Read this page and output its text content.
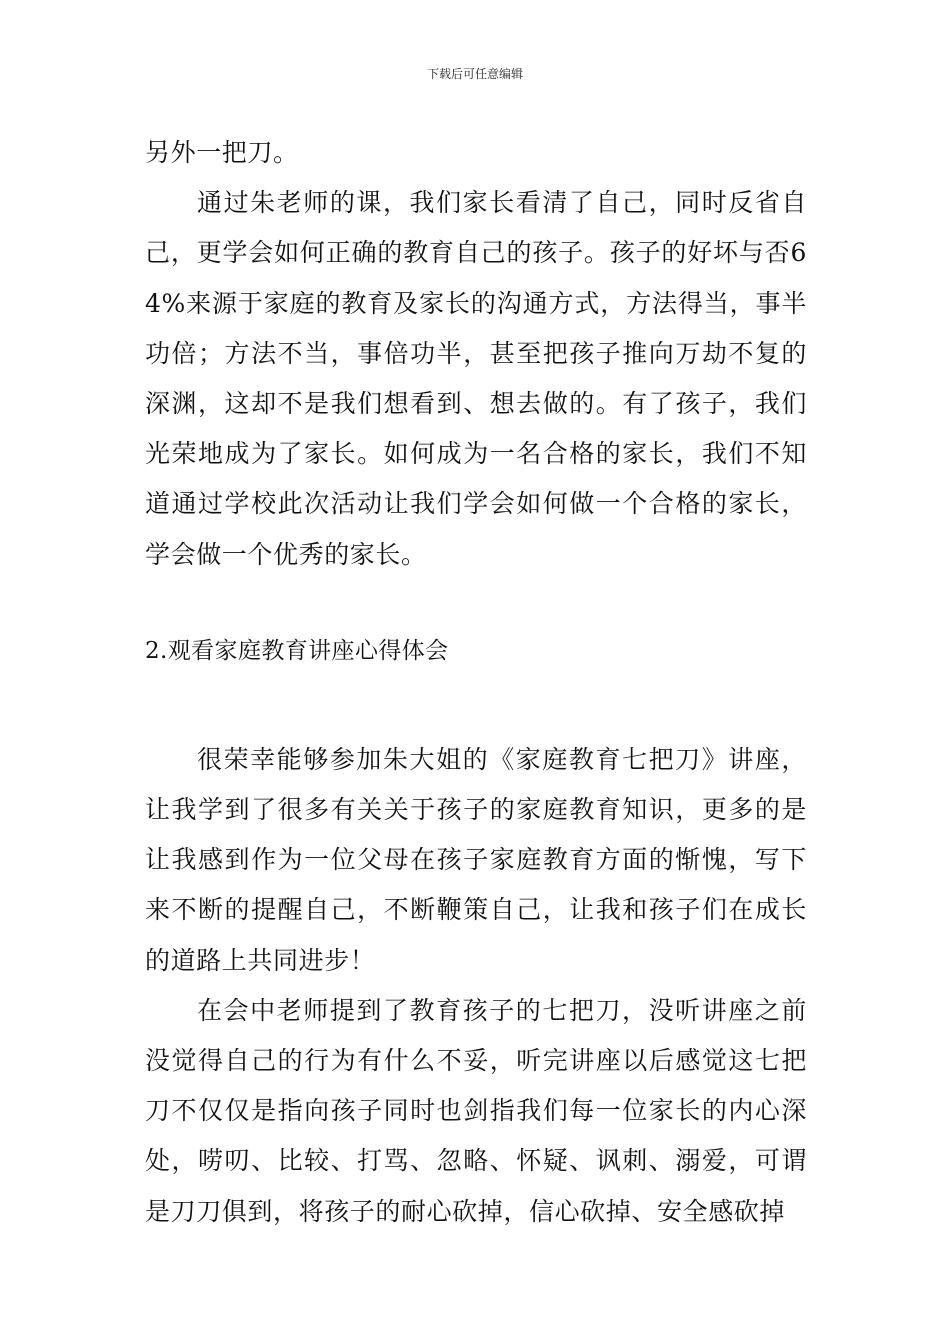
下载后可任意编辑

另外一把刀。

通过朱老师的课，我们家长看清了自己，同时反省自己，更学会如何正确的教育自己的孩子。孩子的好坏与否64%来源于家庭的教育及家长的沟通方式，方法得当，事半功倍；方法不当，事倍功半，甚至把孩子推向万劫不复的深渊，这却不是我们想看到、想去做的。有了孩子，我们光荣地成为了家长。如何成为一名合格的家长，我们不知道通过学校此次活动让我们学会如何做一个合格的家长，学会做一个优秀的家长。

2.观看家庭教育讲座心得体会

很荣幸能够参加朱大姐的《家庭教育七把刀》讲座，让我学到了很多有关关于孩子的家庭教育知识，更多的是让我感到作为一位父母在孩子家庭教育方面的惭愧，写下来不断的提醒自己，不断鞭策自己，让我和孩子们在成长的道路上共同进步！

在会中老师提到了教育孩子的七把刀，没听讲座之前没觉得自己的行为有什么不妥，听完讲座以后感觉这七把刀不仅仅是指向孩子同时也剑指我们每一位家长的内心深处，唠叨、比较、打骂、忽略、怀疑、讽刺、溺爱，可谓是刀刀俱到，将孩子的耐心砍掉，信心砍掉、安全感砍掉
